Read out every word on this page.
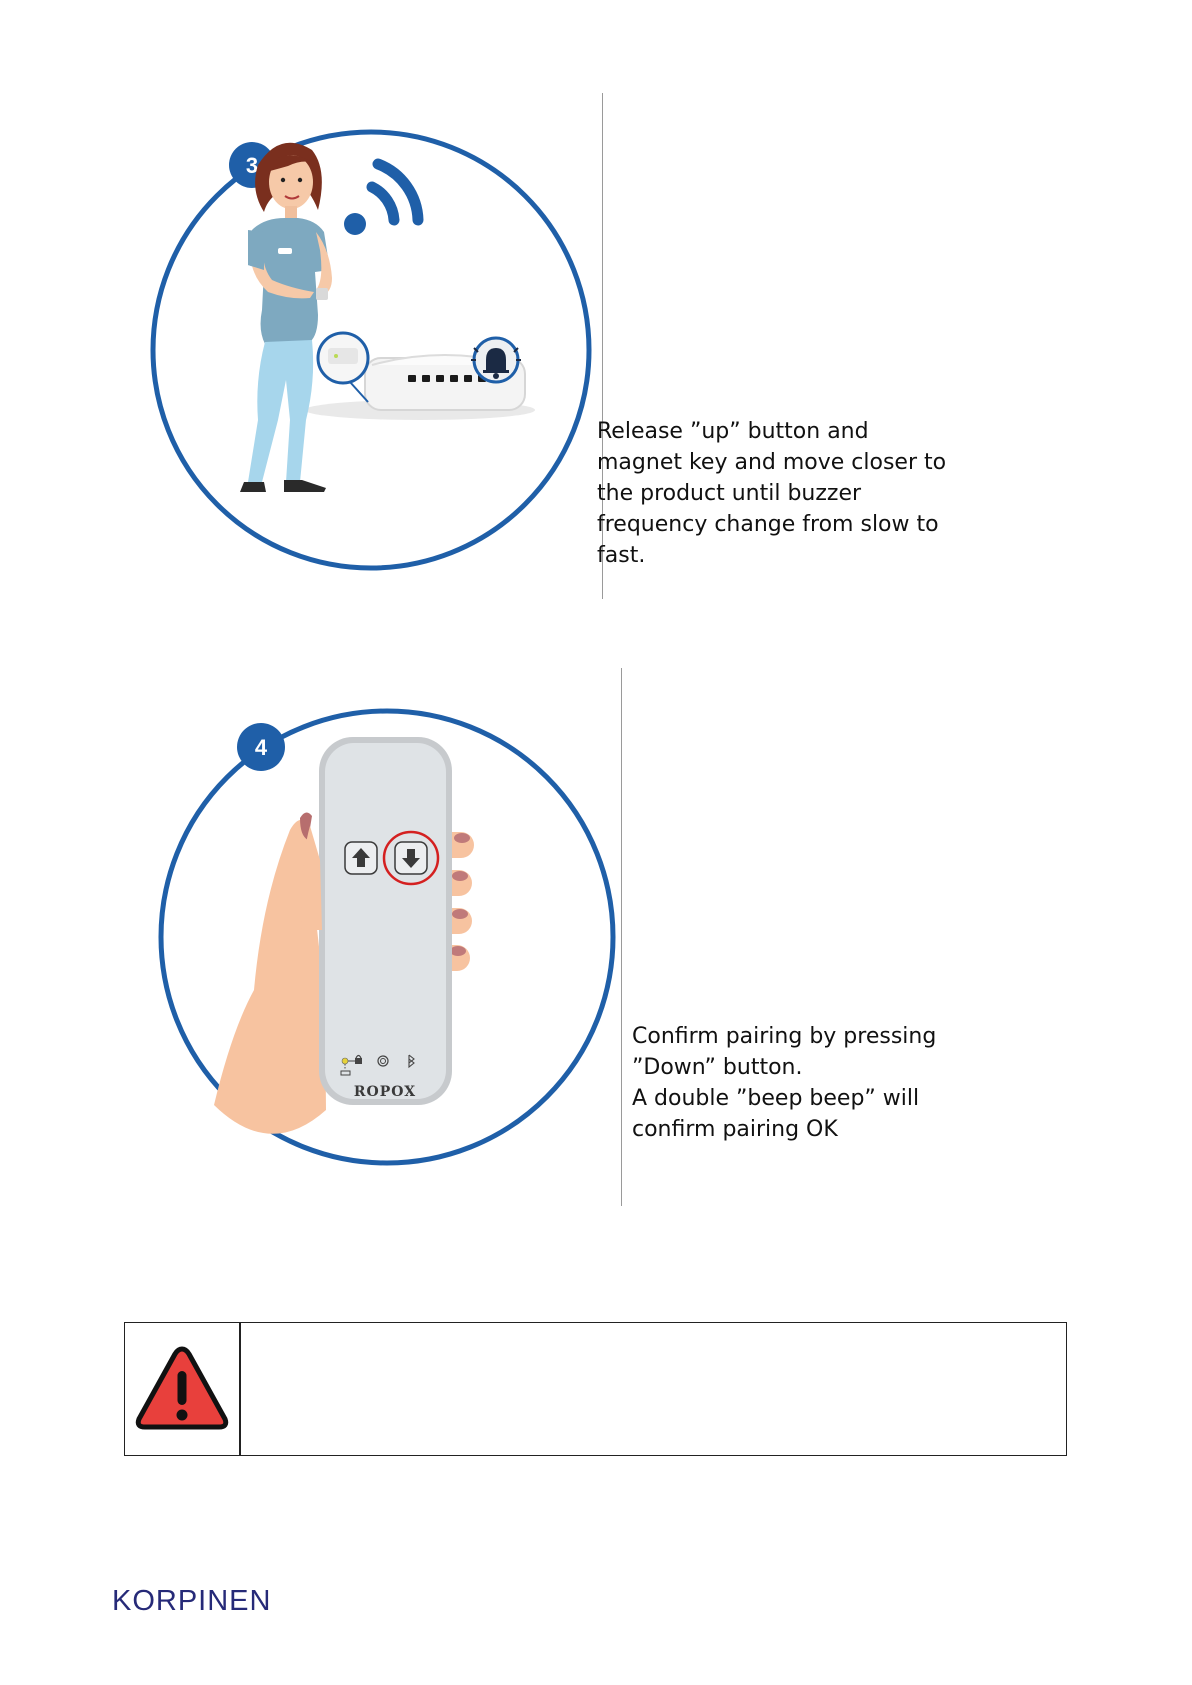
3
Release ”up” button and
magnet key and move closer to
the product until buzzer
frequency change from slow to
fast.
4
ROPOX
Confirm pairing by pressing
”Down” button.
A double ”beep beep” will
confirm pairing OK
KORPINEN
